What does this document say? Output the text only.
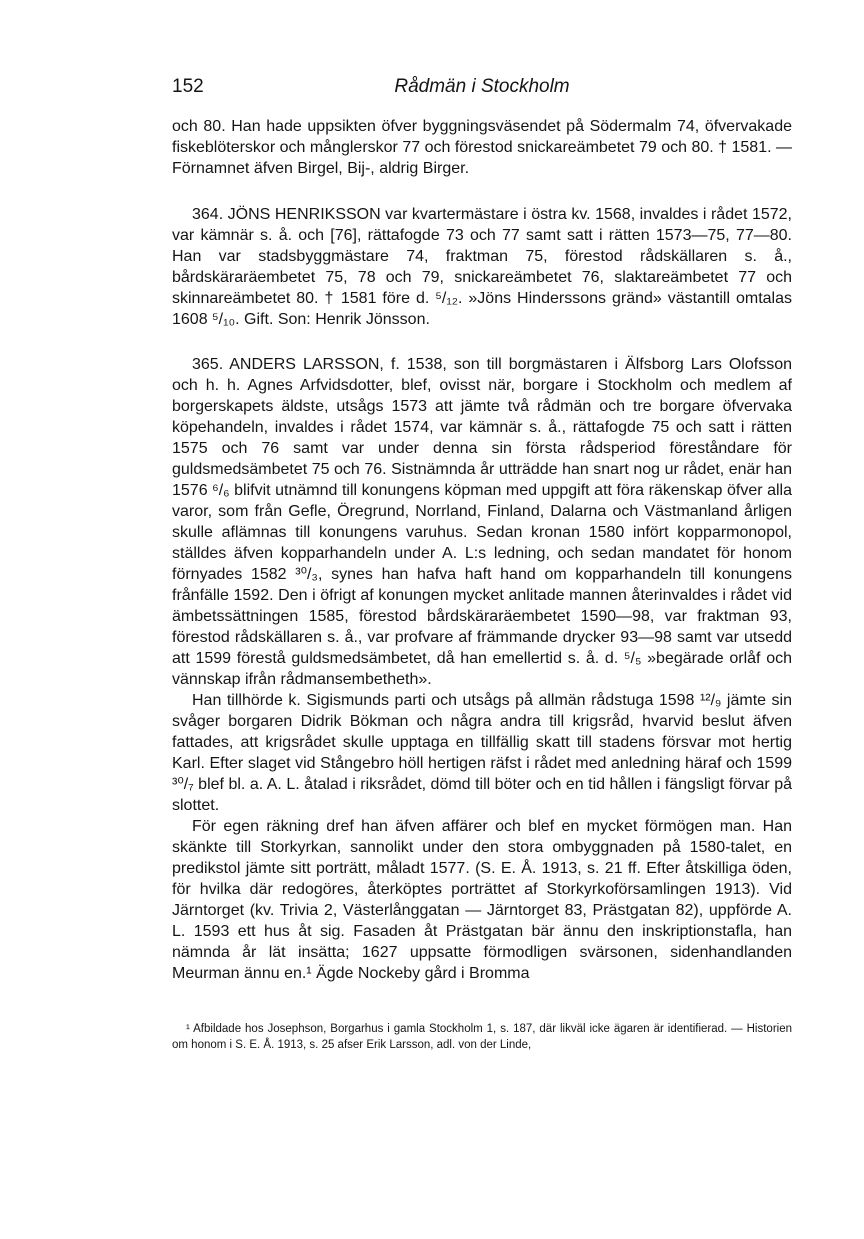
152	Rådmän i Stockholm

och 80. Han hade uppsikten öfver byggningsväsendet på Södermalm 74, öfvervakade fiskeblöterskor och månglerskor 77 och förestod snickareämbetet 79 och 80. † 1581. — Förnamnet äfven Birgel, Bij-, aldrig Birger.

364. JÖNS HENRIKSSON var kvartermästare i östra kv. 1568, invaldes i rådet 1572, var kämnär s. å. och [76], rättafogde 73 och 77 samt satt i rätten 1573—75, 77—80. Han var stadsbyggmästare 74, fraktman 75, förestod rådskällaren s. å., bårdskäraräembetet 75, 78 och 79, snickareämbetet 76, slaktareämbetet 77 och skinnareämbetet 80. † 1581 före d. ⁵/₁₂. »Jöns Hinderssons gränd» västantill omtalas 1608 ⁵/₁₀. Gift. Son: Henrik Jönsson.

365. ANDERS LARSSON, f. 1538, son till borgmästaren i Älfsborg Lars Olofsson och h. h. Agnes Arfvidsdotter, blef, ovisst när, borgare i Stockholm och medlem af borgerskapets äldste, utsågs 1573 att jämte två rådmän och tre borgare öfvervaka köpehandeln, invaldes i rådet 1574, var kämnär s. å., rättafogde 75 och satt i rätten 1575 och 76 samt var under denna sin första rådsperiod föreståndare för guldsmedsämbetet 75 och 76. Sistnämnda år utträdde han snart nog ur rådet, enär han 1576 ⁶/₆ blifvit utnämnd till konungens köpman med uppgift att föra räkenskap öfver alla varor, som från Gefle, Öregrund, Norrland, Finland, Dalarna och Västmanland årligen skulle aflämnas till konungens varuhus. Sedan kronan 1580 infört kopparmonopol, ställdes äfven kopparhandeln under A. L:s ledning, och sedan mandatet för honom förnyades 1582 ³⁰/₃, synes han hafva haft hand om kopparhandeln till konungens frånfälle 1592. Den i öfrigt af konungen mycket anlitade mannen återinvaldes i rådet vid ämbetssättningen 1585, förestod bårdskäraräembetet 1590—98, var fraktman 93, förestod rådskällaren s. å., var profvare af främmande drycker 93—98 samt var utsedd att 1599 förestå guldsmedsämbetet, då han emellertid s. å. d. ⁵/₅ »begärade orlåf och vännskap ifrån rådmansembetheth».

Han tillhörde k. Sigismunds parti och utsågs på allmän rådstuga 1598 ¹²/₉ jämte sin svåger borgaren Didrik Bökman och några andra till krigsråd, hvarvid beslut äfven fattades, att krigsrådet skulle upptaga en tillfällig skatt till stadens försvar mot hertig Karl. Efter slaget vid Stångebro höll hertigen räfst i rådet med anledning häraf och 1599 ³⁰/₇ blef bl. a. A. L. åtalad i riksrådet, dömd till böter och en tid hållen i fängsligt förvar på slottet.

För egen räkning dref han äfven affärer och blef en mycket förmögen man. Han skänkte till Storkyrkan, sannolikt under den stora ombyggnaden på 1580-talet, en predikstol jämte sitt porträtt, måladt 1577. (S. E. Å. 1913, s. 21 ff. Efter åtskilliga öden, för hvilka där redogöres, återköptes porträttet af Storkyrkoförsamlingen 1913). Vid Järntorget (kv. Trivia 2, Västerlånggatan — Järntorget 83, Prästgatan 82), uppförde A. L. 1593 ett hus åt sig. Fasaden åt Prästgatan bär ännu den inskriptionstafla, han nämnda år lät insätta; 1627 uppsatte förmodligen svärsonen, sidenhandlanden Meurman ännu en.¹ Ägde Nockeby gård i Bromma

¹ Afbildade hos Josephson, Borgarhus i gamla Stockholm 1, s. 187, där likväl icke ägaren är identifierad. — Historien om honom i S. E. Å. 1913, s. 25 afser Erik Larsson, adl. von der Linde,
